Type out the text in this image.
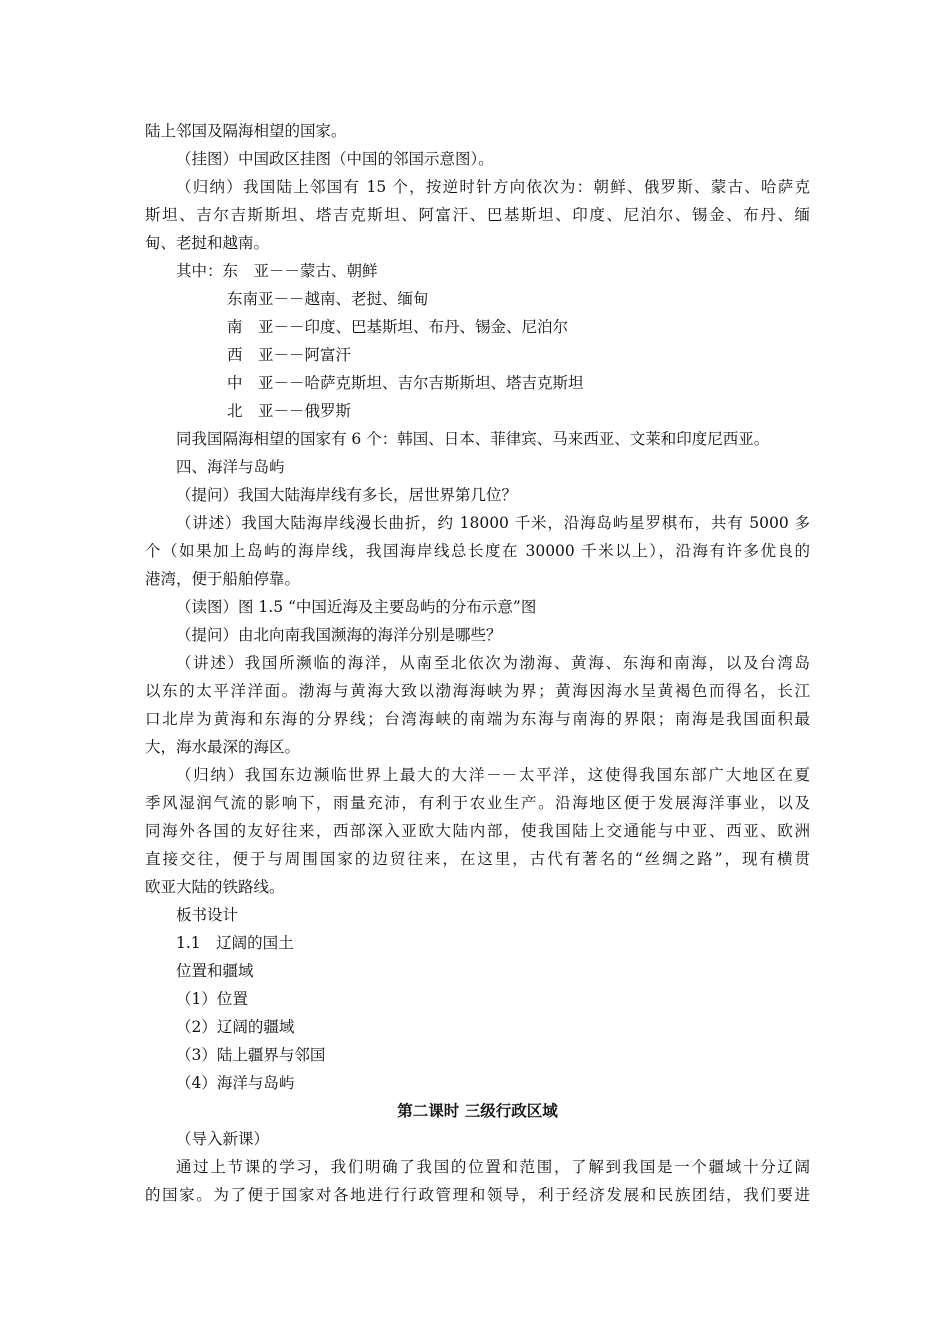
陆上邻国及隔海相望的国家。
（挂图）中国政区挂图（中国的邻国示意图）。
（归纳）我国陆上邻国有 15 个，按逆时针方向依次为：朝鲜、俄罗斯、蒙古、哈萨克
斯坦、吉尔吉斯斯坦、塔吉克斯坦、阿富汗、巴基斯坦、印度、尼泊尔、锡金、布丹、缅
甸、老挝和越南。
其中：东　亚－－蒙古、朝鲜
东南亚－－越南、老挝、缅甸
南　亚－－印度、巴基斯坦、布丹、锡金、尼泊尔
西　亚－－阿富汗
中　亚－－哈萨克斯坦、吉尔吉斯斯坦、塔吉克斯坦
北　亚－－俄罗斯
同我国隔海相望的国家有 6 个：韩国、日本、菲律宾、马来西亚、文莱和印度尼西亚。
四、海洋与岛屿
（提问）我国大陆海岸线有多长，居世界第几位？
（讲述）我国大陆海岸线漫长曲折，约 18000 千米，沿海岛屿星罗棋布，共有 5000 多
个（如果加上岛屿的海岸线，我国海岸线总长度在 30000 千米以上），沿海有许多优良的
港湾，便于船舶停靠。
（读图）图 1.5 “中国近海及主要岛屿的分布示意”图
（提问）由北向南我国濒海的海洋分别是哪些？
（讲述）我国所濒临的海洋，从南至北依次为渤海、黄海、东海和南海，以及台湾岛
以东的太平洋洋面。渤海与黄海大致以渤海海峡为界；黄海因海水呈黄褐色而得名，长江
口北岸为黄海和东海的分界线；台湾海峡的南端为东海与南海的界限；南海是我国面积最
大，海水最深的海区。
（归纳）我国东边濒临世界上最大的大洋－－太平洋，这使得我国东部广大地区在夏
季风湿润气流的影响下，雨量充沛，有利于农业生产。沿海地区便于发展海洋事业，以及
同海外各国的友好往来，西部深入亚欧大陆内部，使我国陆上交通能与中亚、西亚、欧洲
直接交往，便于与周围国家的边贸往来，在这里，古代有著名的“丝绸之路”，现有横贯
欧亚大陆的铁路线。
板书设计
1.1　辽阔的国土
位置和疆域
（1）位置
（2）辽阔的疆域
（3）陆上疆界与邻国
（4）海洋与岛屿
第二课时 三级行政区域
（导入新课）
通过上节课的学习，我们明确了我国的位置和范围，了解到我国是一个疆域十分辽阔
的国家。为了便于国家对各地进行行政管理和领导，利于经济发展和民族团结，我们要进
